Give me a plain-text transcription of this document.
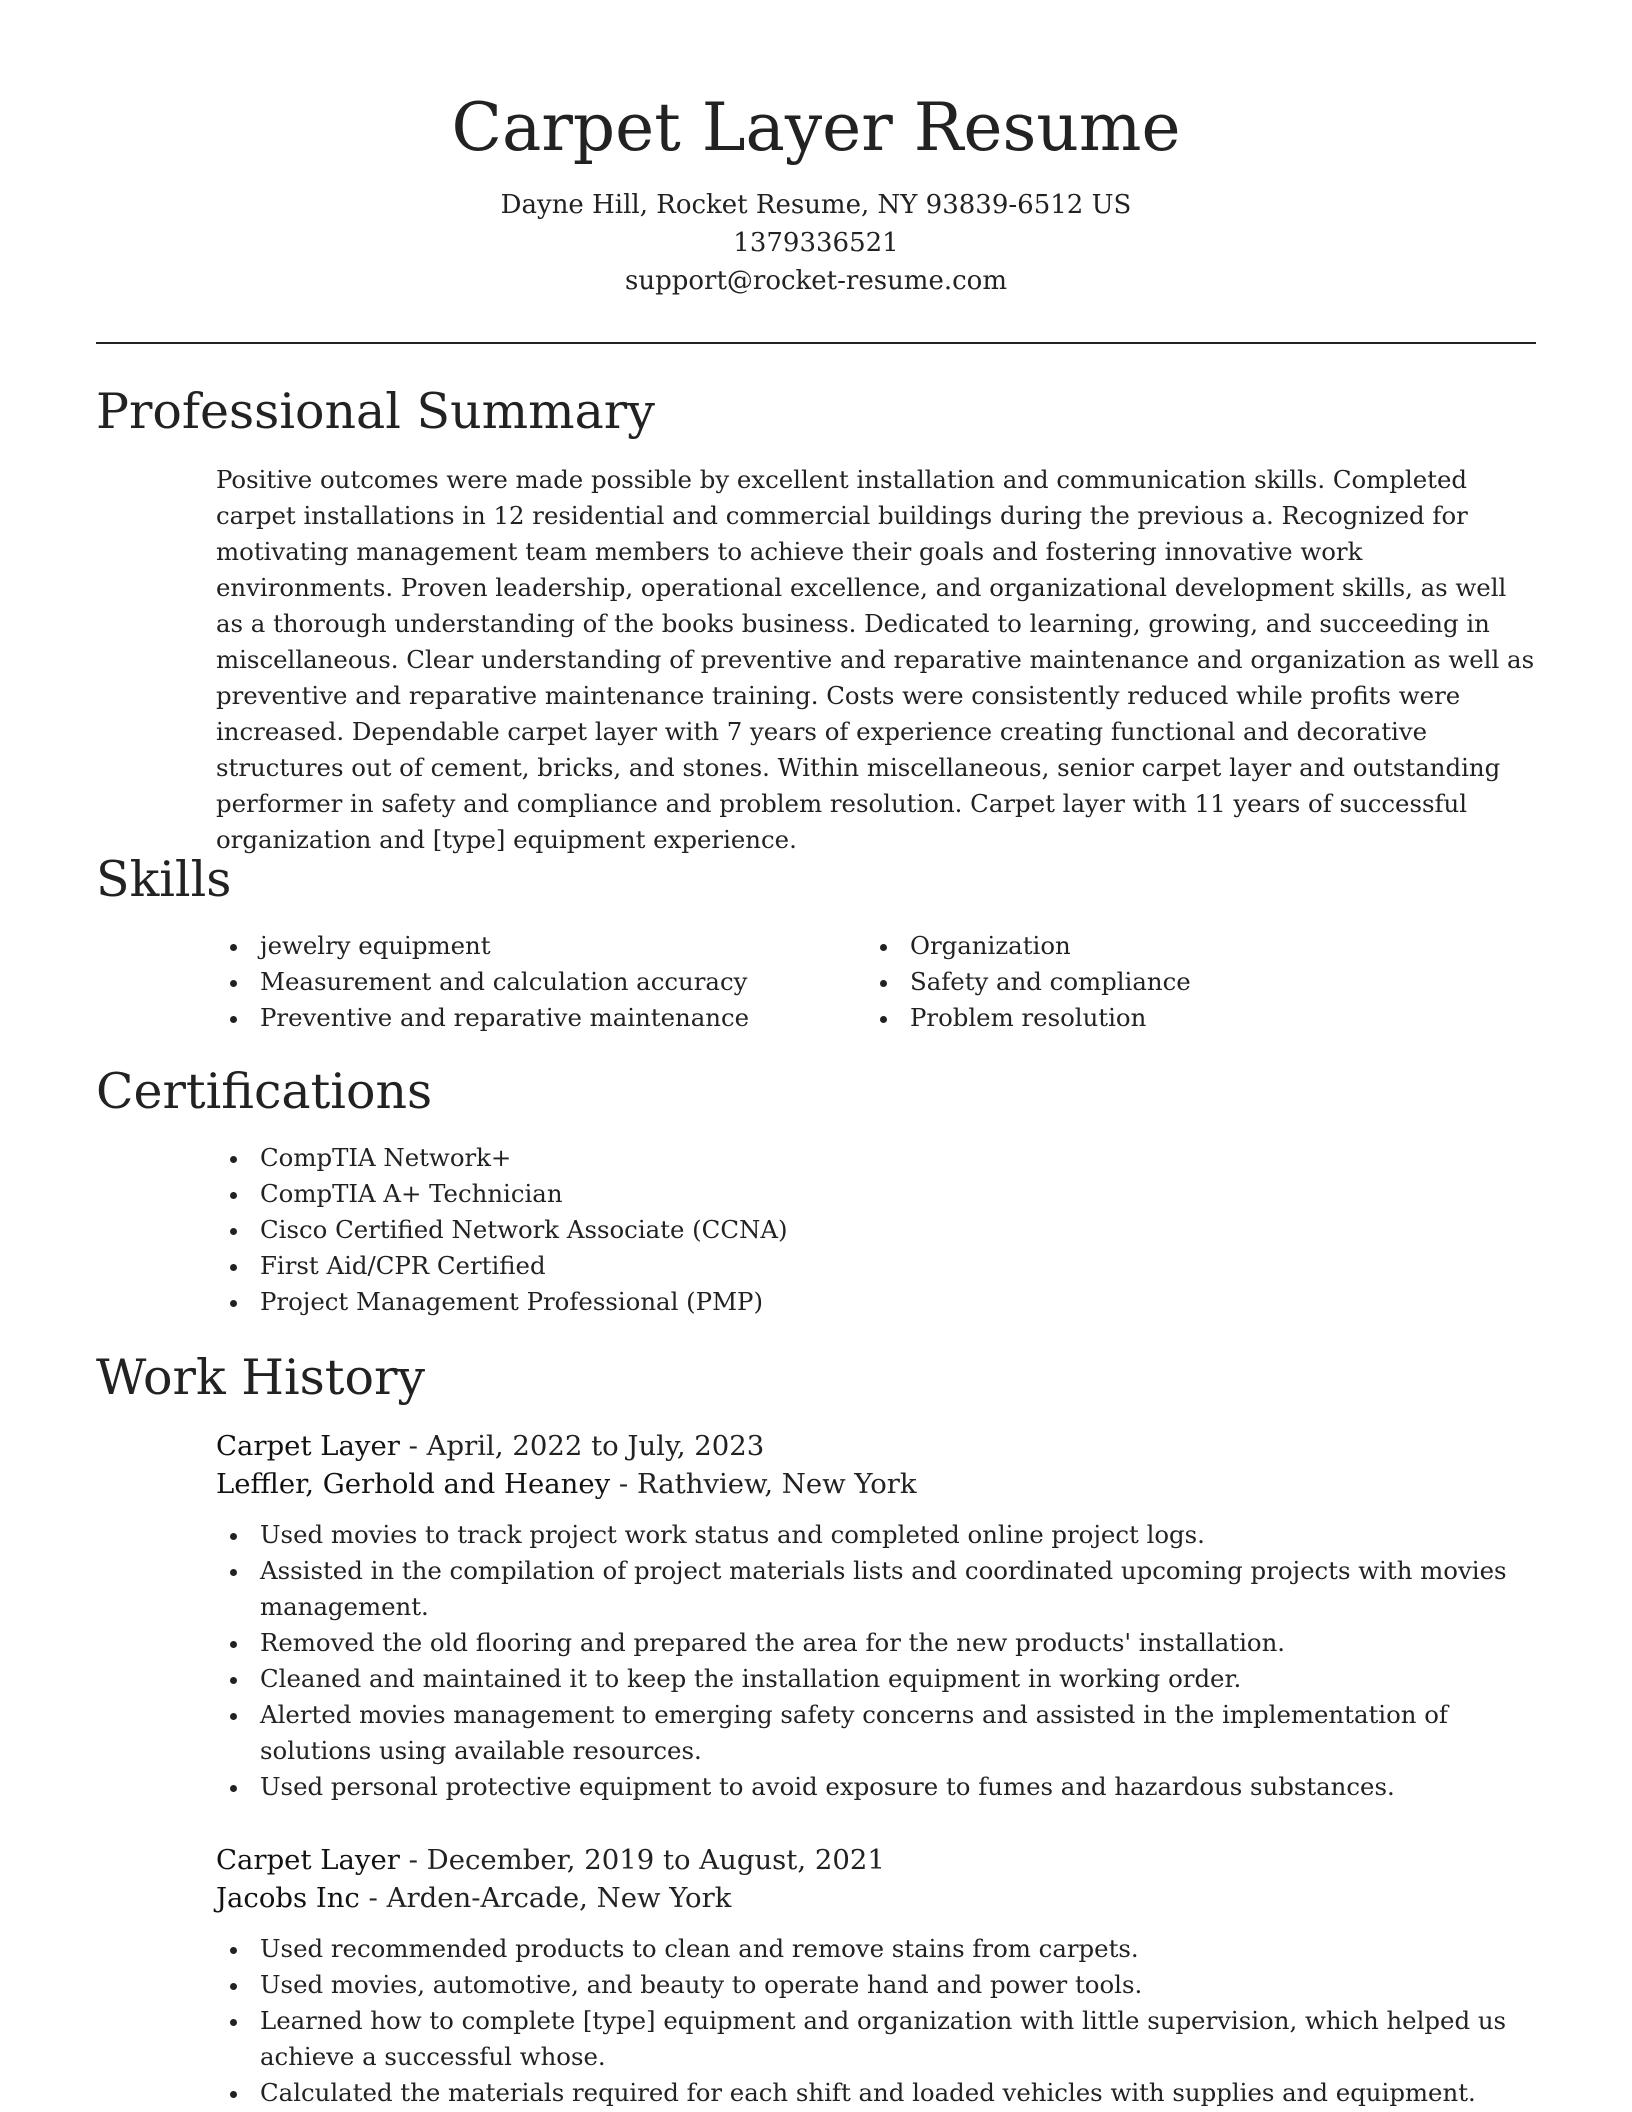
Carpet Layer Resume
Dayne Hill, Rocket Resume, NY 93839-6512 US
1379336521
support@rocket-resume.com
Professional Summary

Positive outcomes were made possible by excellent installation and communication skills. Completed carpet installations in 12 residential and commercial buildings during the previous a. Recognized for motivating management team members to achieve their goals and fostering innovative work environments. Proven leadership, operational excellence, and organizational development skills, as well as a thorough understanding of the books business. Dedicated to learning, growing, and succeeding in miscellaneous. Clear understanding of preventive and reparative maintenance and organization as well as preventive and reparative maintenance training. Costs were consistently reduced while profits were increased. Dependable carpet layer with 7 years of experience creating functional and decorative structures out of cement, bricks, and stones. Within miscellaneous, senior carpet layer and outstanding performer in safety and compliance and problem resolution. Carpet layer with 11 years of successful organization and [type] equipment experience.

Skills
jewelry equipment
Measurement and calculation accuracy
Preventive and reparative maintenance
Organization
Safety and compliance
Problem resolution
Certifications
CompTIA Network+
CompTIA A+ Technician
Cisco Certified Network Associate (CCNA)
First Aid/CPR Certified
Project Management Professional (PMP)
Work History
Carpet Layer - April, 2022 to July, 2023
Leffler, Gerhold and Heaney - Rathview, New York
Used movies to track project work status and completed online project logs.
Assisted in the compilation of project materials lists and coordinated upcoming projects with movies management.
Removed the old flooring and prepared the area for the new products' installation.
Cleaned and maintained it to keep the installation equipment in working order.
Alerted movies management to emerging safety concerns and assisted in the implementation of solutions using available resources.
Used personal protective equipment to avoid exposure to fumes and hazardous substances.
Carpet Layer - December, 2019 to August, 2021
Jacobs Inc - Arden-Arcade, New York
Used recommended products to clean and remove stains from carpets.
Used movies, automotive, and beauty to operate hand and power tools.
Learned how to complete [type] equipment and organization with little supervision, which helped us achieve a successful whose.
Calculated the materials required for each shift and loaded vehicles with supplies and equipment.
